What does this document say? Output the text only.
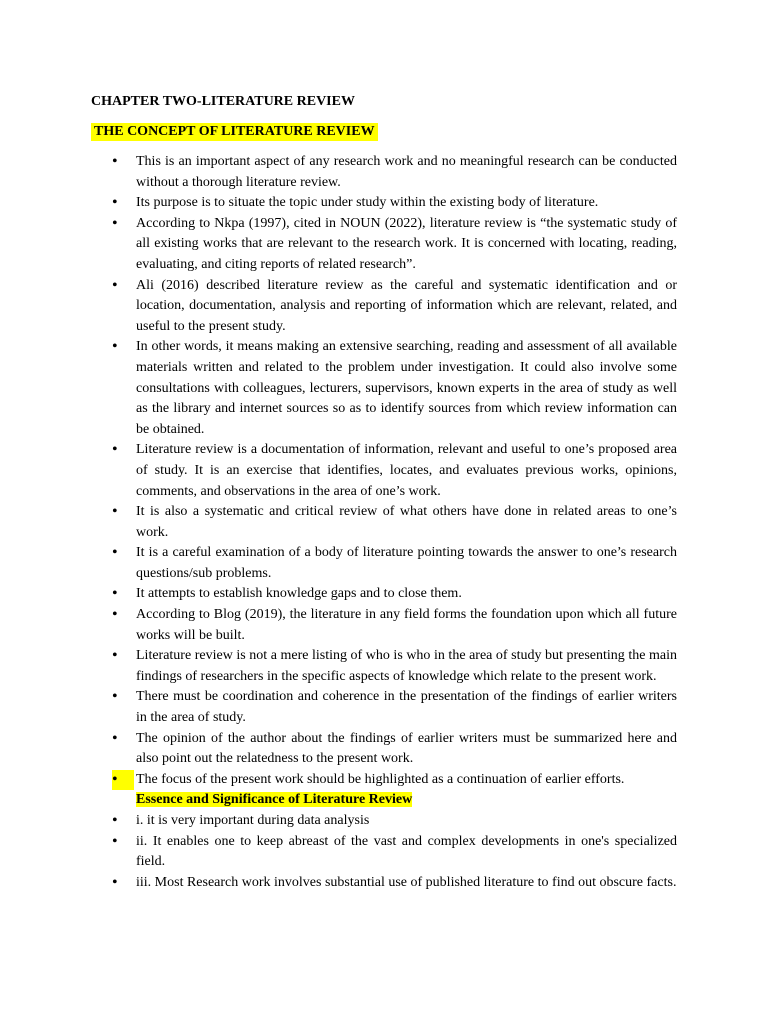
CHAPTER TWO-LITERATURE REVIEW
THE CONCEPT OF LITERATURE REVIEW
•	This is an important aspect of any research work and no meaningful research can be conducted without a thorough literature review.
•	Its purpose is to situate the topic under study within the existing body of literature.
•	According to Nkpa (1997), cited in NOUN (2022), literature review is “the systematic study of all existing works that are relevant to the research work. It is concerned with locating, reading, evaluating, and citing reports of related research”.
•	Ali (2016) described literature review as the careful and systematic identification and or location, documentation, analysis and reporting of information which are relevant, related, and useful to the present study.
•	In other words, it means making an extensive searching, reading and assessment of all available materials written and related to the problem under investigation. It could also involve some consultations with colleagues, lecturers, supervisors, known experts in the area of study as well as the library and internet sources so as to identify sources from which review information can be obtained.
•	Literature review is a documentation of information, relevant and useful to one’s proposed area of study. It is an exercise that identifies, locates, and evaluates previous works, opinions, comments, and observations in the area of one’s work.
•	It is also a systematic and critical review of what others have done in related areas to one’s work.
•	It is a careful examination of a body of literature pointing towards the answer to one’s research questions/sub problems.
•	It attempts to establish knowledge gaps and to close them.
•	According to Blog (2019), the literature in any field forms the foundation upon which all future works will be built.
•	Literature review is not a mere listing of who is who in the area of study but presenting the main findings of researchers in the specific aspects of knowledge which relate to the present work.
•	There must be coordination and coherence in the presentation of the findings of earlier writers in the area of study.
•	The opinion of the author about the findings of earlier writers must be summarized here and also point out the relatedness to the present work.
•	The focus of the present work should be highlighted as a continuation of earlier efforts.
Essence and Significance of Literature Review
•	i. it is very important during data analysis
•	ii. It enables one to keep abreast of the vast and complex developments in one's specialized field.
•	iii. Most Research work involves substantial use of published literature to find out obscure facts.
